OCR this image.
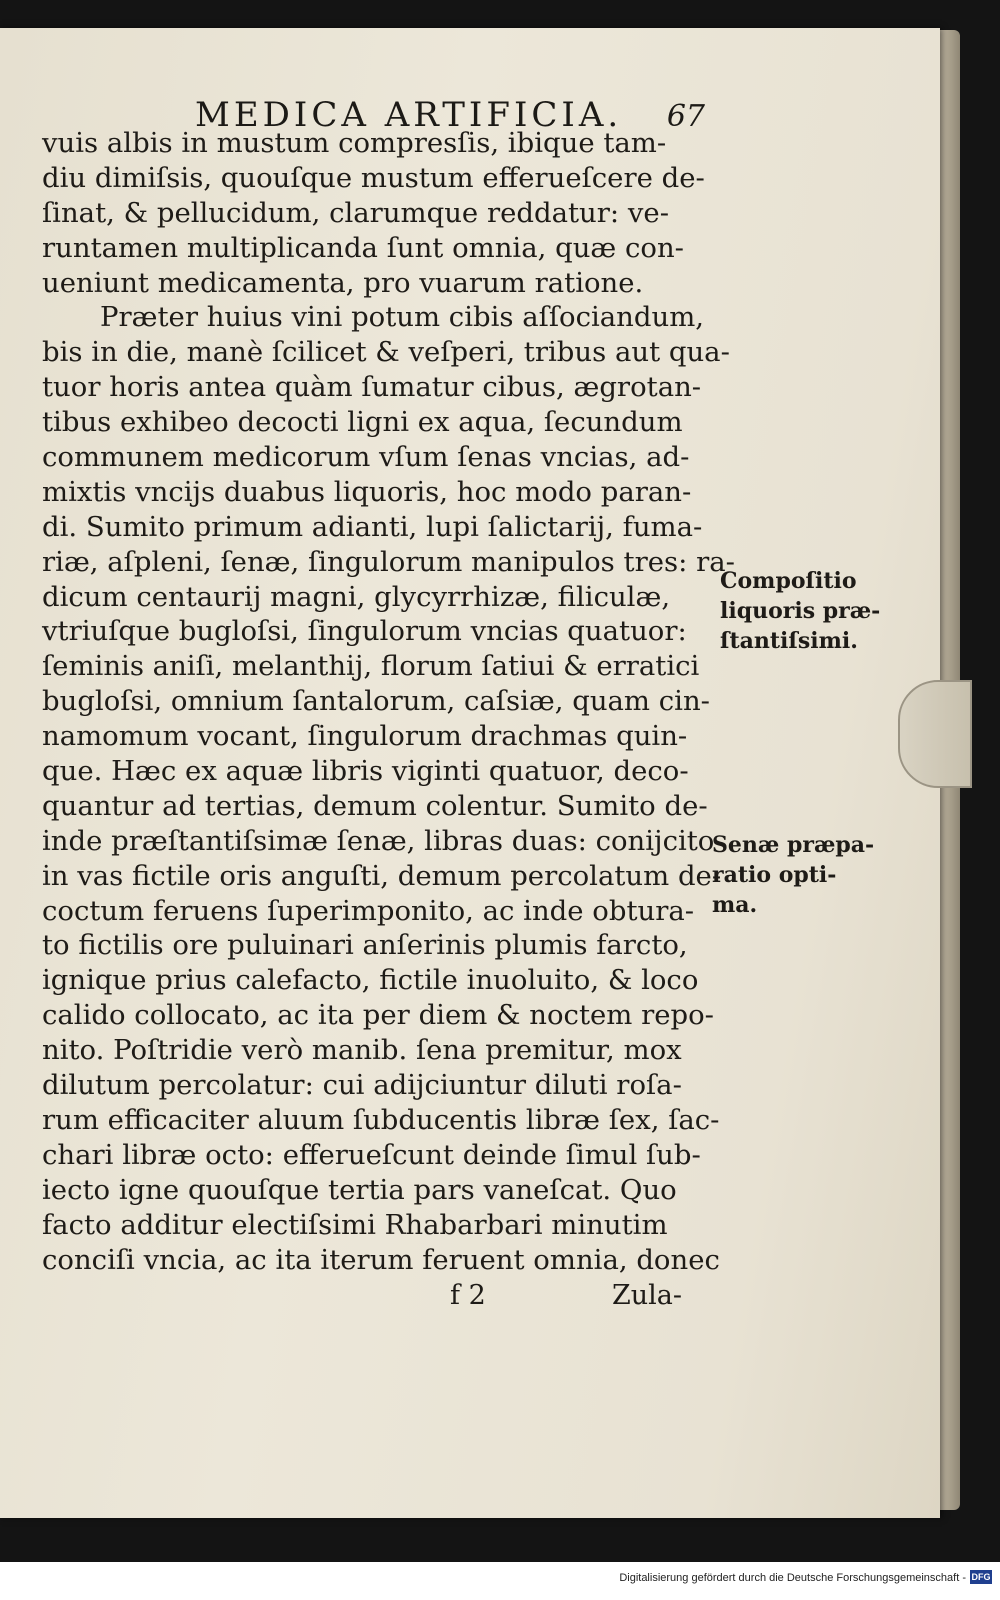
MEDICA ARTIFICIA. 67
vuis albis in mustum compresſis, ibique tam-
diu dimiſsis, quouſque mustum efferueſcere de-
ſinat, & pellucidum, clarumque reddatur: ve-
runtamen multiplicanda ſunt omnia, quæ con-
ueniunt medicamenta, pro vuarum ratione.
Præter huius vini potum cibis aſſociandum,
bis in die, manè ſcilicet & veſperi, tribus aut qua-
tuor horis antea quàm ſumatur cibus, ægrotan-
tibus exhibeo decocti ligni ex aqua, ſecundum
communem medicorum vſum ſenas vncias, ad-
mixtis vncijs duabus liquoris, hoc modo paran-
di. Sumito primum adianti, lupi ſalictarij, fuma-
riæ, aſpleni, ſenæ, ſingulorum manipulos tres: ra-
dicum centaurij magni, glycyrrhizæ, filiculæ,
vtriuſque bugloſsi, ſingulorum vncias quatuor:
ſeminis aniſi, melanthij, florum ſatiui & erratici
bugloſsi, omnium ſantalorum, caſsiæ, quam cin-
namomum vocant, ſingulorum drachmas quin-
que. Hæc ex aquæ libris viginti quatuor, deco-
quantur ad tertias, demum colentur. Sumito de-
inde præſtantiſsimæ ſenæ, libras duas: conijcito
in vas fictile oris anguſti, demum percolatum de-
coctum feruens ſuperimponito, ac inde obtura-
to fictilis ore puluinari anſerinis plumis farcto,
ignique prius calefacto, fictile inuoluito, & loco
calido collocato, ac ita per diem & noctem repo-
nito. Poſtridie verò manib. ſena premitur, mox
dilutum percolatur: cui adijciuntur diluti roſa-
rum efficaciter aluum ſubducentis libræ ſex, ſac-
chari libræ octo: efferueſcunt deinde ſimul ſub-
iecto igne quouſque tertia pars vaneſcat. Quo
facto additur electiſsimi Rhabarbari minutim
conciſi vncia, ac ita iterum feruent omnia, donec
Compoſitio
liquoris præ-
ſtantiſsimi.
Senæ præpa-
ratio opti-
ma.
f 2	Zula-
Digitalisierung gefördert durch die Deutsche Forschungsgemeinschaft - DFG
